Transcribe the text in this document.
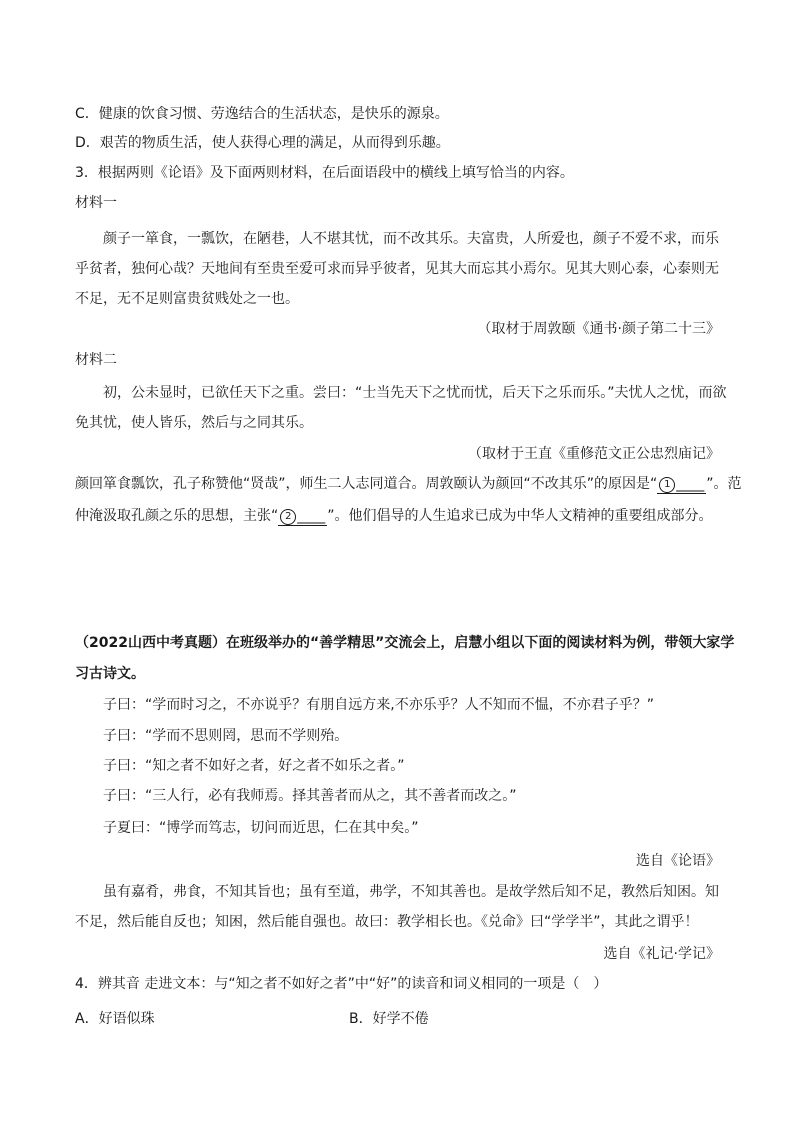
C．健康的饮食习惯、劳逸结合的生活状态，是快乐的源泉。
D．艰苦的物质生活，使人获得心理的满足，从而得到乐趣。
3．根据两则《论语》及下面两则材料，在后面语段中的横线上填写恰当的内容。
材料一
颜子一箪食，一瓢饮，在陋巷，人不堪其忧，而不改其乐。夫富贵，人所爱也，颜子不爱不求，而乐
乎贫者，独何心哉？天地间有至贵至爱可求而异乎彼者，见其大而忘其小焉尔。见其大则心泰，心泰则无
不足，无不足则富贵贫贱处之一也。
（取材于周敦颐《通书·颜子第二十三》
材料二
初，公未显时，已欲任天下之重。尝曰：“士当先天下之忧而忧，后天下之乐而乐。”夫忧人之忧，而欲
免其忧，使人皆乐，然后与之同其乐。
（取材于王直《重修范文正公忠烈庙记》
颜回箪食瓢饮，孔子称赞他“贤哉”，师生二人志同道合。周敦颐认为颜回“不改其乐”的原因是“ 1 ____ ”。范
仲淹汲取孔颜之乐的思想，主张“ 2 ____ ”。他们倡导的人生追求已成为中华人文精神的重要组成部分。
（2022山西中考真题）在班级举办的“善学精思”交流会上，启慧小组以下面的阅读材料为例，带领大家学
习古诗文。
子曰：“学而时习之，不亦说乎？有朋自远方来,不亦乐乎？人不知而不愠，不亦君子乎？”
子曰：“学而不思则罔，思而不学则殆。
子曰：“知之者不如好之者，好之者不如乐之者。”
子曰：“三人行，必有我师焉。择其善者而从之，其不善者而改之。”
子夏曰：“博学而笃志，切问而近思，仁在其中矣。”
选自《论语》
虽有嘉肴，弗食，不知其旨也；虽有至道，弗学，不知其善也。是故学然后知不足，教然后知困。知
不足，然后能自反也；知困，然后能自强也。故曰：教学相长也。《兑命》曰“学学半”，其此之谓乎！
选自《礼记·学记》
4．辨其音 走进文本：与“知之者不如好之者”中“好”的读音和词义相同的一项是（　）
A．好语似珠	B．好学不倦
